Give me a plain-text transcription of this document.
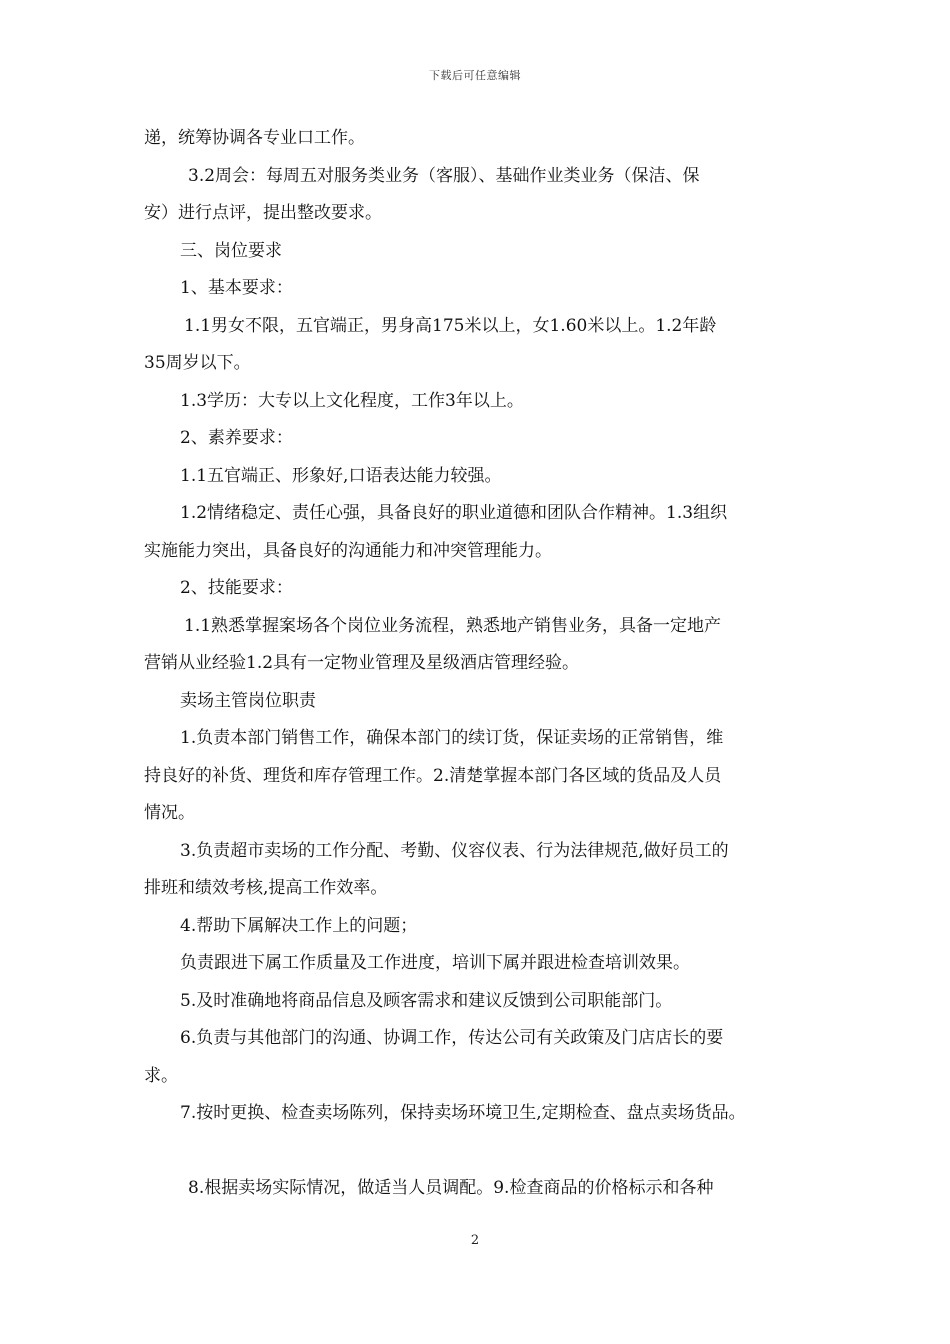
下载后可任意编辑
递，统筹协调各专业口工作。
3.2周会：每周五对服务类业务（客服）、基础作业类业务（保洁、保
安）进行点评，提出整改要求。
三、岗位要求
1、基本要求：
1.1男女不限，五官端正，男身高175米以上，女1.60米以上。1.2年龄
35周岁以下。
1.3学历：大专以上文化程度，工作3年以上。
2、素养要求：
1.1五官端正、形象好,口语表达能力较强。
1.2情绪稳定、责任心强，具备良好的职业道德和团队合作精神。1.3组织
实施能力突出，具备良好的沟通能力和冲突管理能力。
2、技能要求：
1.1熟悉掌握案场各个岗位业务流程，熟悉地产销售业务，具备一定地产
营销从业经验1.2具有一定物业管理及星级酒店管理经验。
卖场主管岗位职责
1.负责本部门销售工作，确保本部门的续订货，保证卖场的正常销售，维
持良好的补货、理货和库存管理工作。2.清楚掌握本部门各区域的货品及人员
情况。
3.负责超市卖场的工作分配、考勤、仪容仪表、行为法律规范,做好员工的
排班和绩效考核,提高工作效率。
4.帮助下属解决工作上的问题；
负责跟进下属工作质量及工作进度，培训下属并跟进检查培训效果。
5.及时准确地将商品信息及顾客需求和建议反馈到公司职能部门。
6.负责与其他部门的沟通、协调工作，传达公司有关政策及门店店长的要
求。
7.按时更换、检查卖场陈列，保持卖场环境卫生,定期检查、盘点卖场货品。
8.根据卖场实际情况，做适当人员调配。9.检查商品的价格标示和各种
2
